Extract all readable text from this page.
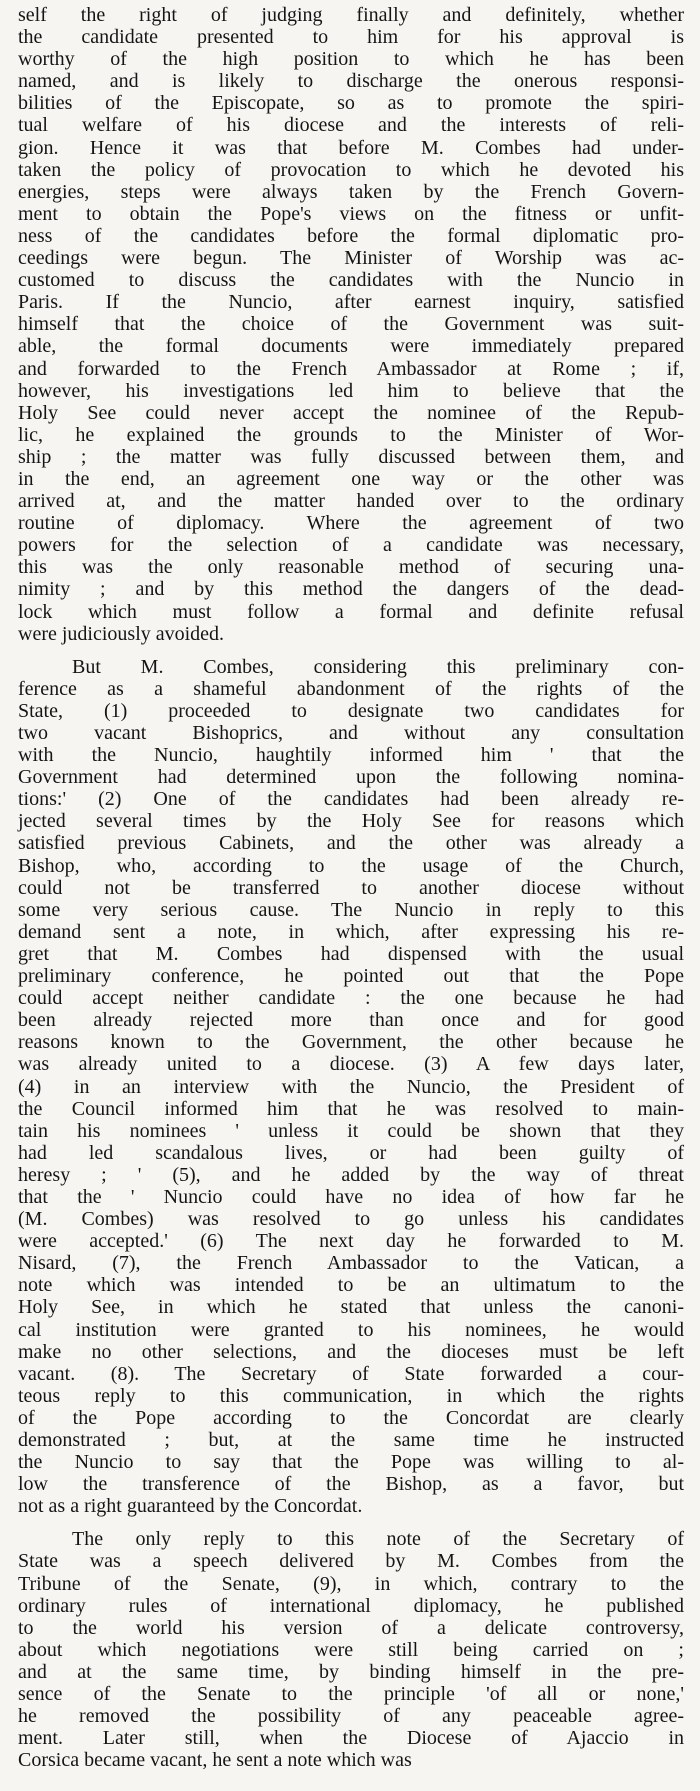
self the right of judging finally and definitely, whether
the candidate presented to him for his approval is
worthy of the high position to which he has been
named, and is likely to discharge the onerous responsi-
bilities of the Episcopate, so as to promote the spiri-
tual welfare of his diocese and the interests of reli-
gion. Hence it was that before M. Combes had under-
taken the policy of provocation to which he devoted his
energies, steps were always taken by the French Govern-
ment to obtain the Pope's views on the fitness or unfit-
ness of the candidates before the formal diplomatic pro-
ceedings were begun. The Minister of Worship was ac-
customed to discuss the candidates with the Nuncio in
Paris. If the Nuncio, after earnest inquiry, satisfied
himself that the choice of the Government was suit-
able, the formal documents were immediately prepared
and forwarded to the French Ambassador at Rome ; if,
however, his investigations led him to believe that the
Holy See could never accept the nominee of the Repub-
lic, he explained the grounds to the Minister of Wor-
ship ; the matter was fully discussed between them, and
in the end, an agreement one way or the other was
arrived at, and the matter handed over to the ordinary
routine of diplomacy. Where the agreement of two
powers for the selection of a candidate was necessary,
this was the only reasonable method of securing una-
nimity ; and by this method the dangers of the dead-
lock which must follow a formal and definite refusal
were judiciously avoided.
But M. Combes, considering this preliminary con-
ference as a shameful abandonment of the rights of the
State, (1) proceeded to designate two candidates for
two vacant Bishoprics, and without any consultation
with the Nuncio, haughtily informed him ' that the
Government had determined upon the following nomina-
tions:' (2) One of the candidates had been already re-
jected several times by the Holy See for reasons which
satisfied previous Cabinets, and the other was already a
Bishop, who, according to the usage of the Church,
could not be transferred to another diocese without
some very serious cause. The Nuncio in reply to this
demand sent a note, in which, after expressing his re-
gret that M. Combes had dispensed with the usual
preliminary conference, he pointed out that the Pope
could accept neither candidate : the one because he had
been already rejected more than once and for good
reasons known to the Government, the other because he
was already united to a diocese. (3) A few days later,
(4) in an interview with the Nuncio, the President of
the Council informed him that he was resolved to main-
tain his nominees ' unless it could be shown that they
had led scandalous lives, or had been guilty of
heresy ; ' (5), and he added by the way of threat
that the ' Nuncio could have no idea of how far he
(M. Combes) was resolved to go unless his candidates
were accepted.' (6) The next day he forwarded to M.
Nisard, (7), the French Ambassador to the Vatican, a
note which was intended to be an ultimatum to the
Holy See, in which he stated that unless the canoni-
cal institution were granted to his nominees, he would
make no other selections, and the dioceses must be left
vacant. (8). The Secretary of State forwarded a cour-
teous reply to this communication, in which the rights
of the Pope according to the Concordat are clearly
demonstrated ; but, at the same time he instructed
the Nuncio to say that the Pope was willing to al-
low the transference of the Bishop, as a favor, but
not as a right guaranteed by the Concordat.
The only reply to this note of the Secretary of
State was a speech delivered by M. Combes from the
Tribune of the Senate, (9), in which, contrary to the
ordinary rules of international diplomacy, he published
to the world his version of a delicate controversy,
about which negotiations were still being carried on ;
and at the same time, by binding himself in the pre-
sence of the Senate to the principle 'of all or none,'
he removed the possibility of any peaceable agree-
ment. Later still, when the Diocese of Ajaccio in
Corsica became vacant, he sent a note which was
